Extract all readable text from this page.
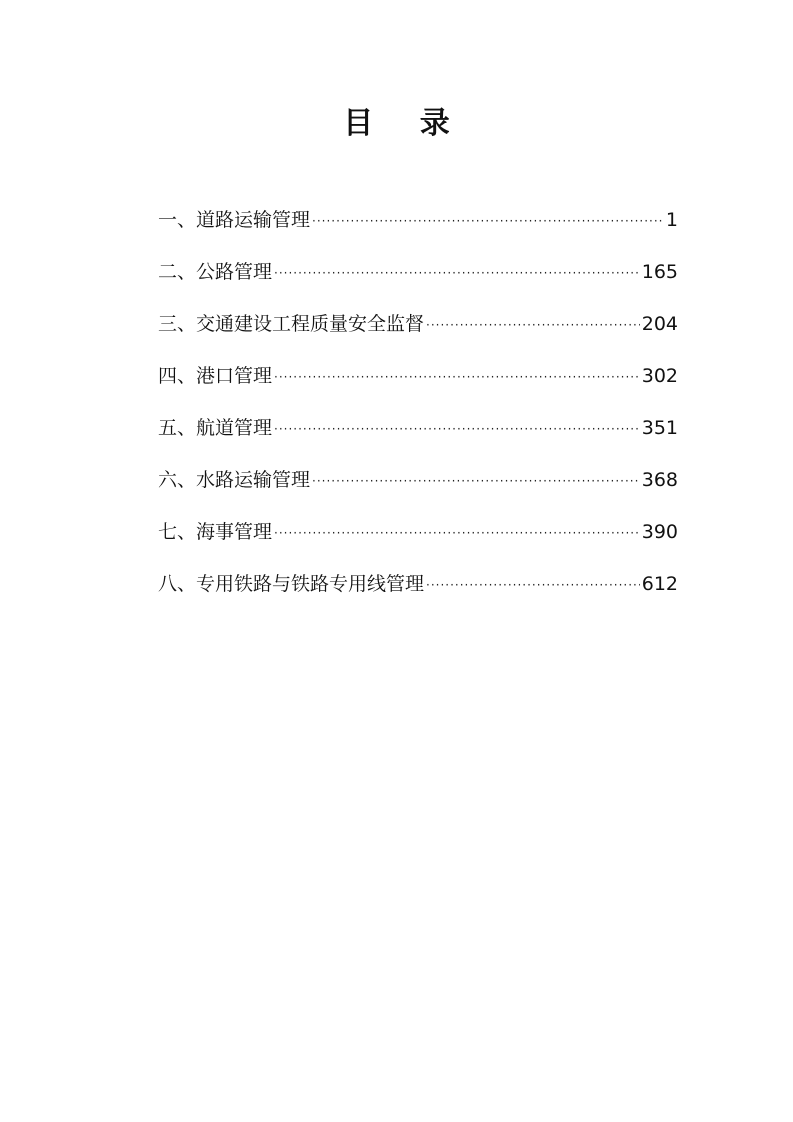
目 录
一、道路运输管理 ·····	1
二、公路管理 ·····	165
三、交通建设工程质量安全监督 ·····	204
四、港口管理 ·····	302
五、航道管理 ·····	351
六、水路运输管理 ·····	368
七、海事管理 ·····	390
八、专用铁路与铁路专用线管理 ·····	612
